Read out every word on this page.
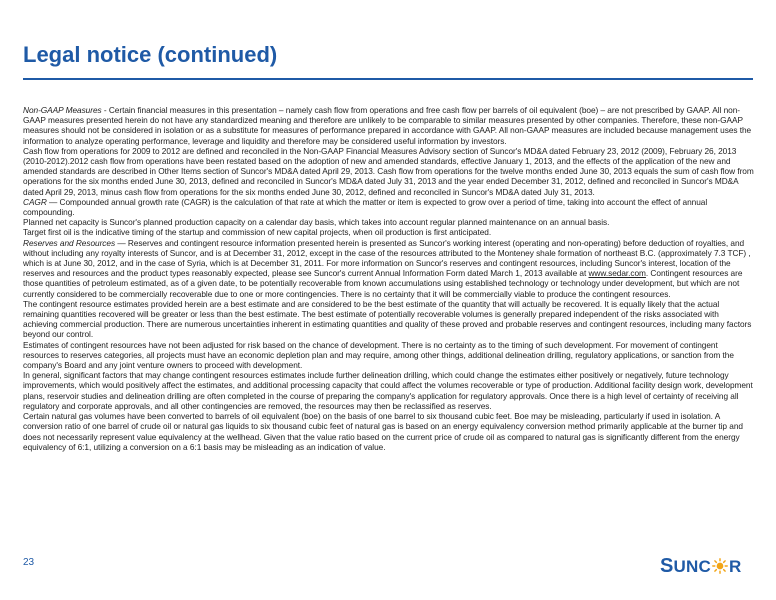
Legal notice (continued)

Non-GAAP Measures - Certain financial measures in this presentation – namely cash flow from operations and free cash flow per barrels of oil equivalent (boe) – are not prescribed by GAAP. All non-GAAP measures presented herein do not have any standardized meaning and therefore are unlikely to be comparable to similar measures presented by other companies. Therefore, these non-GAAP measures should not be considered in isolation or as a substitute for measures of performance prepared in accordance with GAAP. All non-GAAP measures are included because management uses the information to analyze operating performance, leverage and liquidity and therefore may be considered useful information by investors.

Cash flow from operations for 2009 to 2012 are defined and reconciled in the Non-GAAP Financial Measures Advisory section of Suncor's MD&A dated February 23, 2012 (2009), February 26, 2013 (2010-2012).2012 cash flow from operations have been restated based on the adoption of new and amended standards, effective January 1, 2013, and the effects of the application of the new and amended standards are described in Other Items section of Suncor's MD&A dated April 29, 2013. Cash flow from operations for the twelve months ended June 30, 2013 equals the sum of cash flow from operations for the six months ended June 30, 2013, defined and reconciled in Suncor's MD&A dated July 31, 2013 and the year ended December 31, 2012, defined and reconciled in Suncor's MD&A dated April 29, 2013, minus cash flow from operations for the six months ended June 30, 2012, defined and reconciled in Suncor's MD&A dated July 31, 2013.

CAGR — Compounded annual growth rate (CAGR) is the calculation of that rate at which the matter or item is expected to grow over a period of time, taking into account the effect of annual compounding.

Planned net capacity is Suncor's planned production capacity on a calendar day basis, which takes into account regular planned maintenance on an annual basis.

Target first oil is the indicative timing of the startup and commission of new capital projects, when oil production is first anticipated.

Reserves and Resources — Reserves and contingent resource information presented herein is presented as Suncor's working interest (operating and non-operating) before deduction of royalties, and without including any royalty interests of Suncor, and is at December 31, 2012, except in the case of the resources attributed to the Monteney shale formation of northeast B.C. (approximately 7.3 TCF) , which is at June 30, 2012, and in the case of Syria, which is at December 31, 2011. For more information on Suncor's reserves and contingent resources, including Suncor's interest, location of the reserves and resources and the product types reasonably expected, please see Suncor's current Annual Information Form dated March 1, 2013 available at www.sedar.com. Contingent resources are those quantities of petroleum estimated, as of a given date, to be potentially recoverable from known accumulations using established technology or technology under development, but which are not currently considered to be commercially recoverable due to one or more contingencies. There is no certainty that it will be commercially viable to produce the contingent resources.

The contingent resource estimates provided herein are a best estimate and are considered to be the best estimate of the quantity that will actually be recovered. It is equally likely that the actual remaining quantities recovered will be greater or less than the best estimate. The best estimate of potentially recoverable volumes is generally prepared independent of the risks associated with achieving commercial production. There are numerous uncertainties inherent in estimating quantities and quality of these proved and probable reserves and contingent resources, including many factors beyond our control.

Estimates of contingent resources have not been adjusted for risk based on the chance of development. There is no certainty as to the timing of such development. For movement of contingent resources to reserves categories, all projects must have an economic depletion plan and may require, among other things, additional delineation drilling, regulatory applications, or sanction from the company's Board and any joint venture owners to proceed with development.

In general, significant factors that may change contingent resources estimates include further delineation drilling, which could change the estimates either positively or negatively, future technology improvements, which would positively affect the estimates, and additional processing capacity that could affect the volumes recoverable or type of production. Additional facility design work, development plans, reservoir studies and delineation drilling are often completed in the course of preparing the company's application for regulatory approvals. Once there is a high level of certainty of receiving all regulatory and corporate approvals, and all other contingencies are removed, the resources may then be reclassified as reserves.

Certain natural gas volumes have been converted to barrels of oil equivalent (boe) on the basis of one barrel to six thousand cubic feet. Boe may be misleading, particularly if used in isolation. A conversion ratio of one barrel of crude oil or natural gas liquids to six thousand cubic feet of natural gas is based on an energy equivalency conversion method primarily applicable at the burner tip and does not necessarily represent value equivalency at the wellhead. Given that the value ratio based on the current price of crude oil as compared to natural gas is significantly different from the energy equivalency of 6:1, utilizing a conversion on a 6:1 basis may be misleading as an indication of value.

23	SUNC R
